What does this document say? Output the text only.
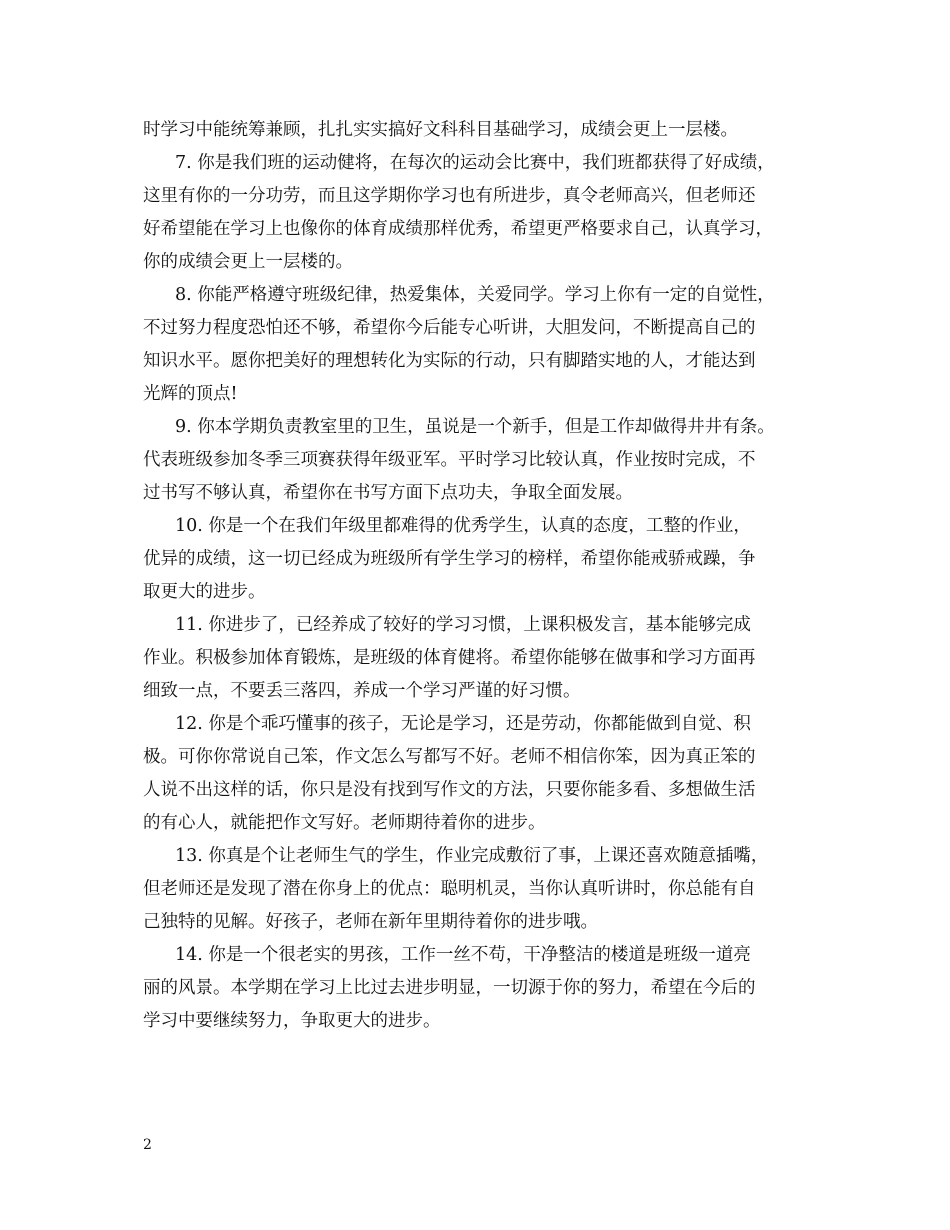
时学习中能统筹兼顾，扎扎实实搞好文科科目基础学习，成绩会更上一层楼。
7. 你是我们班的运动健将，在每次的运动会比赛中，我们班都获得了好成绩，
这里有你的一分功劳，而且这学期你学习也有所进步，真令老师高兴，但老师还
好希望能在学习上也像你的体育成绩那样优秀，希望更严格要求自己，认真学习，
你的成绩会更上一层楼的。
8. 你能严格遵守班级纪律，热爱集体，关爱同学。学习上你有一定的自觉性，
不过努力程度恐怕还不够，希望你今后能专心听讲，大胆发问，不断提高自己的
知识水平。愿你把美好的理想转化为实际的行动，只有脚踏实地的人，才能达到
光辉的顶点!
9. 你本学期负责教室里的卫生，虽说是一个新手，但是工作却做得井井有条。
代表班级参加冬季三项赛获得年级亚军。平时学习比较认真，作业按时完成，不
过书写不够认真，希望你在书写方面下点功夫，争取全面发展。
10. 你是一个在我们年级里都难得的优秀学生，认真的态度，工整的作业，
优异的成绩，这一切已经成为班级所有学生学习的榜样，希望你能戒骄戒躁，争
取更大的进步。
11. 你进步了，已经养成了较好的学习习惯，上课积极发言，基本能够完成
作业。积极参加体育锻炼，是班级的体育健将。希望你能够在做事和学习方面再
细致一点，不要丢三落四，养成一个学习严谨的好习惯。
12. 你是个乖巧懂事的孩子，无论是学习，还是劳动，你都能做到自觉、积
极。可你你常说自己笨，作文怎么写都写不好。老师不相信你笨，因为真正笨的
人说不出这样的话，你只是没有找到写作文的方法，只要你能多看、多想做生活
的有心人，就能把作文写好。老师期待着你的进步。
13. 你真是个让老师生气的学生，作业完成敷衍了事，上课还喜欢随意插嘴，
但老师还是发现了潜在你身上的优点：聪明机灵，当你认真听讲时，你总能有自
己独特的见解。好孩子，老师在新年里期待着你的进步哦。
14. 你是一个很老实的男孩，工作一丝不苟，干净整洁的楼道是班级一道亮
丽的风景。本学期在学习上比过去进步明显，一切源于你的努力，希望在今后的
学习中要继续努力，争取更大的进步。
2
